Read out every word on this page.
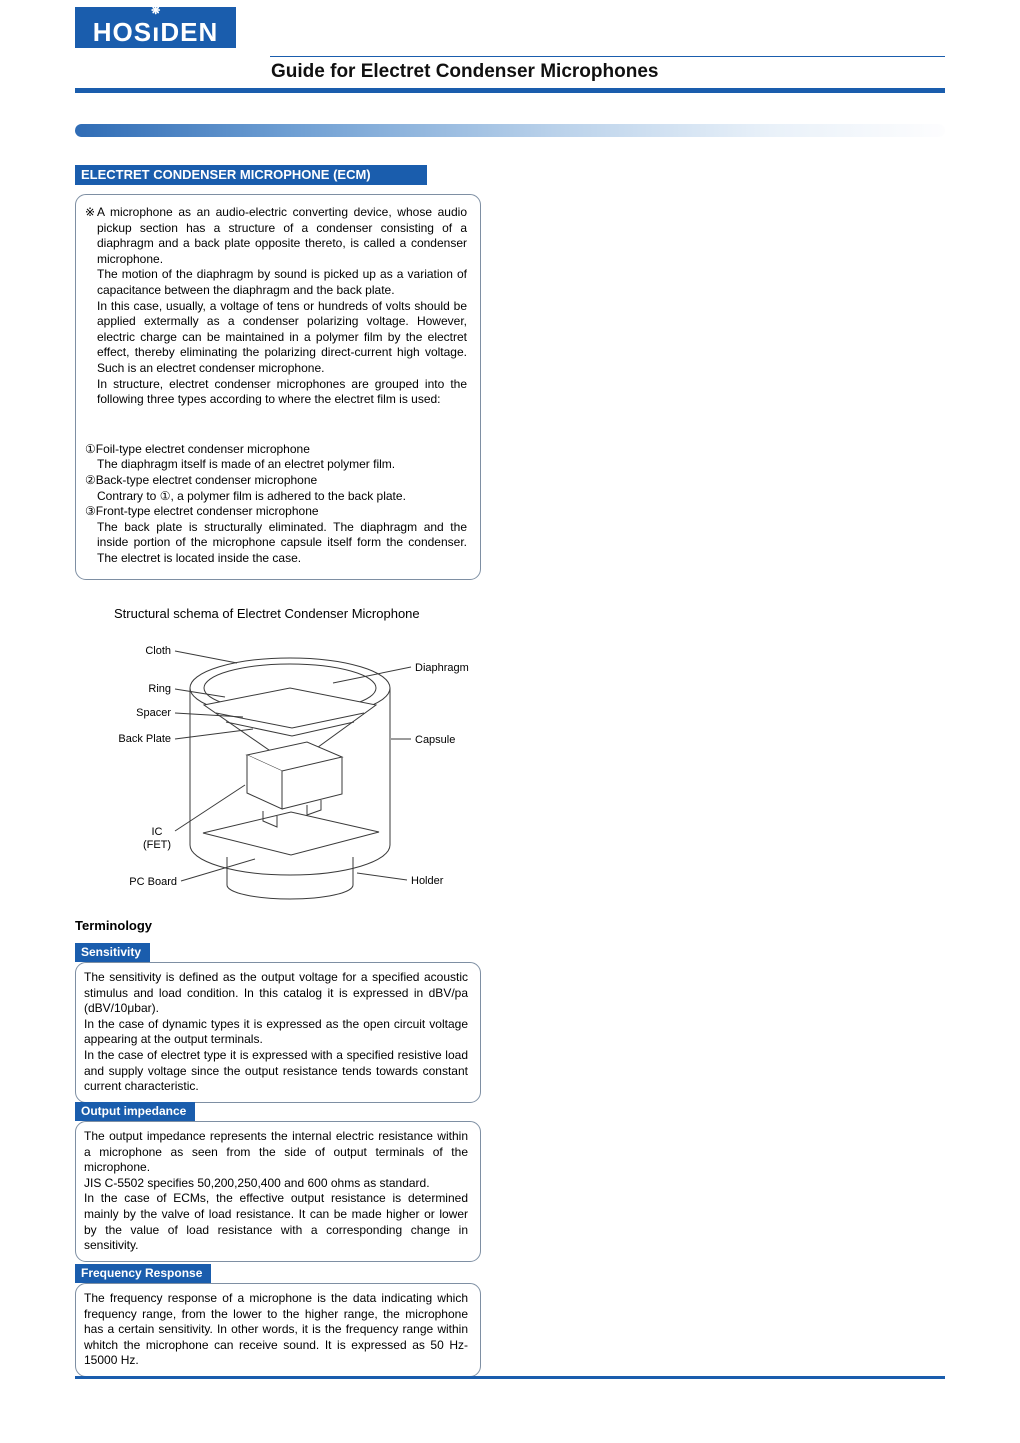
HOS
❋
ıDEN
Guide for Electret Condenser Microphones
ELECTRET CONDENSER MICROPHONE (ECM)
※ A microphone as an audio-electric converting device, whose audio pickup section has a structure of a condenser consisting of a diaphragm and a back plate opposite thereto, is called a condenser microphone.
The motion of the diaphragm by sound is picked up as a variation of capacitance between the diaphragm and the back plate.
In this case, usually, a voltage of tens or hundreds of volts should be applied extermally as a condenser polarizing voltage. However, electric charge can be maintained in a polymer film by the electret effect, thereby eliminating the polarizing direct-current high voltage. Such is an electret condenser microphone.
In structure, electret condenser microphones are grouped into the following three types according to where the electret film is used:
①Foil-type electret condenser microphone
The diaphragm itself is made of an electret polymer film.
②Back-type electret condenser microphone
Contrary to ①, a polymer film is adhered to the back plate.
③Front-type electret condenser microphone
The back plate is structurally eliminated. The diaphragm and the inside portion of the microphone capsule itself form the condenser. The electret is located inside the case.
Structural schema of Electret Condenser Microphone
Cloth
Ring
Spacer
Back Plate
IC
(FET)
PC Board
Diaphragm
Capsule
Holder
Terminology
Sensitivity
The sensitivity is defined as the output voltage for a specified acoustic stimulus and load condition. In this catalog it is expressed in dBV/pa (dBV/10μbar).
In the case of dynamic types it is expressed as the open circuit voltage appearing at the output terminals.
In the case of electret type it is expressed with a specified resistive load and supply voltage since the output resistance tends towards constant current characteristic.
Output impedance
The output impedance represents the internal electric resistance within a microphone as seen from the side of output terminals of the microphone.
JIS C-5502 specifies 50,200,250,400 and 600 ohms as standard.
In the case of ECMs, the effective output resistance is determined mainly by the valve of load resistance. It can be made higher or lower by the value of load resistance with a corresponding change in sensitivity.
Frequency Response
The frequency response of a microphone is the data indicating which frequency range, from the lower to the higher range, the microphone has a certain sensitivity. In other words, it is the frequency range within whitch the microphone can receive sound. It is expressed as 50 Hz-15000 Hz.
